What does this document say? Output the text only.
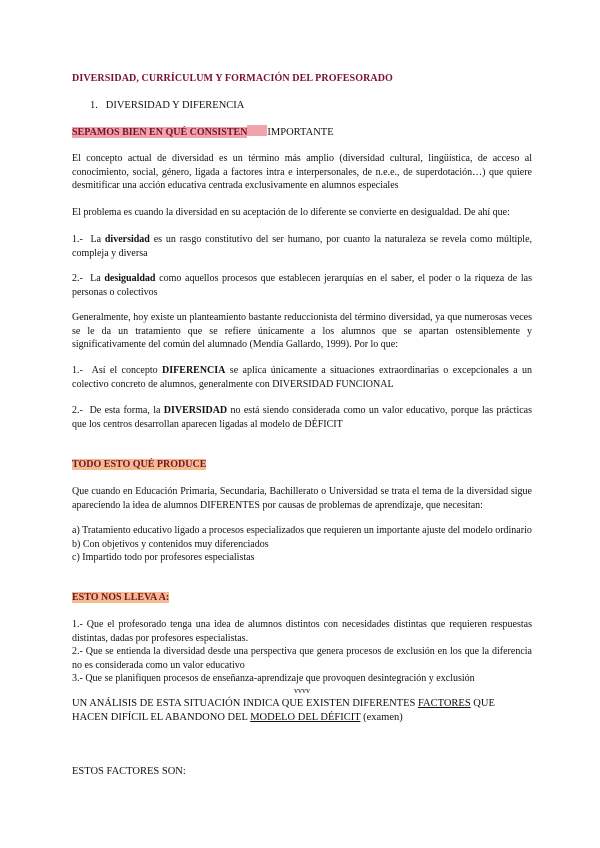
DIVERSIDAD, CURRÍCULUM Y FORMACIÓN DEL PROFESORADO
1. DIVERSIDAD Y DIFERENCIA
SEPAMOS BIEN EN QUÉ CONSISTEN IMPORTANTE
El concepto actual de diversidad es un término más amplio (diversidad cultural, lingüística, de acceso al conocimiento, social, género, ligada a factores intra e interpersonales, de n.e.e., de superdotación…) que quiere desmitificar una acción educativa centrada exclusivamente en alumnos especiales
El problema es cuando la diversidad en su aceptación de lo diferente se convierte en desigualdad. De ahí que:
1.- La diversidad es un rasgo constitutivo del ser humano, por cuanto la naturaleza se revela como múltiple, compleja y diversa
2.- La desigualdad como aquellos procesos que establecen jerarquías en el saber, el poder o la riqueza de las personas o colectivos
Generalmente, hoy existe un planteamiento bastante reduccionista del término diversidad, ya que numerosas veces se le da un tratamiento que se refiere únicamente a los alumnos que se apartan ostensiblemente y significativamente del común del alumnado (Mendía Gallardo, 1999). Por lo que:
1.- Así el concepto DIFERENCIA se aplica únicamente a situaciones extraordinarias o excepcionales a un colectivo concreto de alumnos, generalmente con DIVERSIDAD FUNCIONAL
2.- De esta forma, la DIVERSIDAD no está siendo considerada como un valor educativo, porque las prácticas que los centros desarrollan aparecen ligadas al modelo de DÉFICIT
TODO ESTO QUÉ PRODUCE
Que cuando en Educación Primaria, Secundaria, Bachillerato o Universidad se trata el tema de la diversidad sigue apareciendo la idea de alumnos DIFERENTES por causas de problemas de aprendizaje, que necesitan:
a) Tratamiento educativo ligado a procesos especializados que requieren un importante ajuste del modelo ordinario
b) Con objetivos y contenidos muy diferenciados
c) Impartido todo por profesores especialistas
ESTO NOS LLEVA A:
1.- Que el profesorado tenga una idea de alumnos distintos con necesidades distintas que requieren respuestas distintas, dadas por profesores especialistas.
2.- Que se entienda la diversidad desde una perspectiva que genera procesos de exclusión en los que la diferencia no es considerada como un valor educativo
3.- Que se planifiquen procesos de enseñanza-aprendizaje que provoquen desintegración y exclusión
vvvv
UN ANÁLISIS DE ESTA SITUACIÓN INDICA QUE EXISTEN DIFERENTES FACTORES QUE HACEN DIFÍCIL EL ABANDONO DEL MODELO DEL DÉFICIT (examen)
ESTOS FACTORES SON:
